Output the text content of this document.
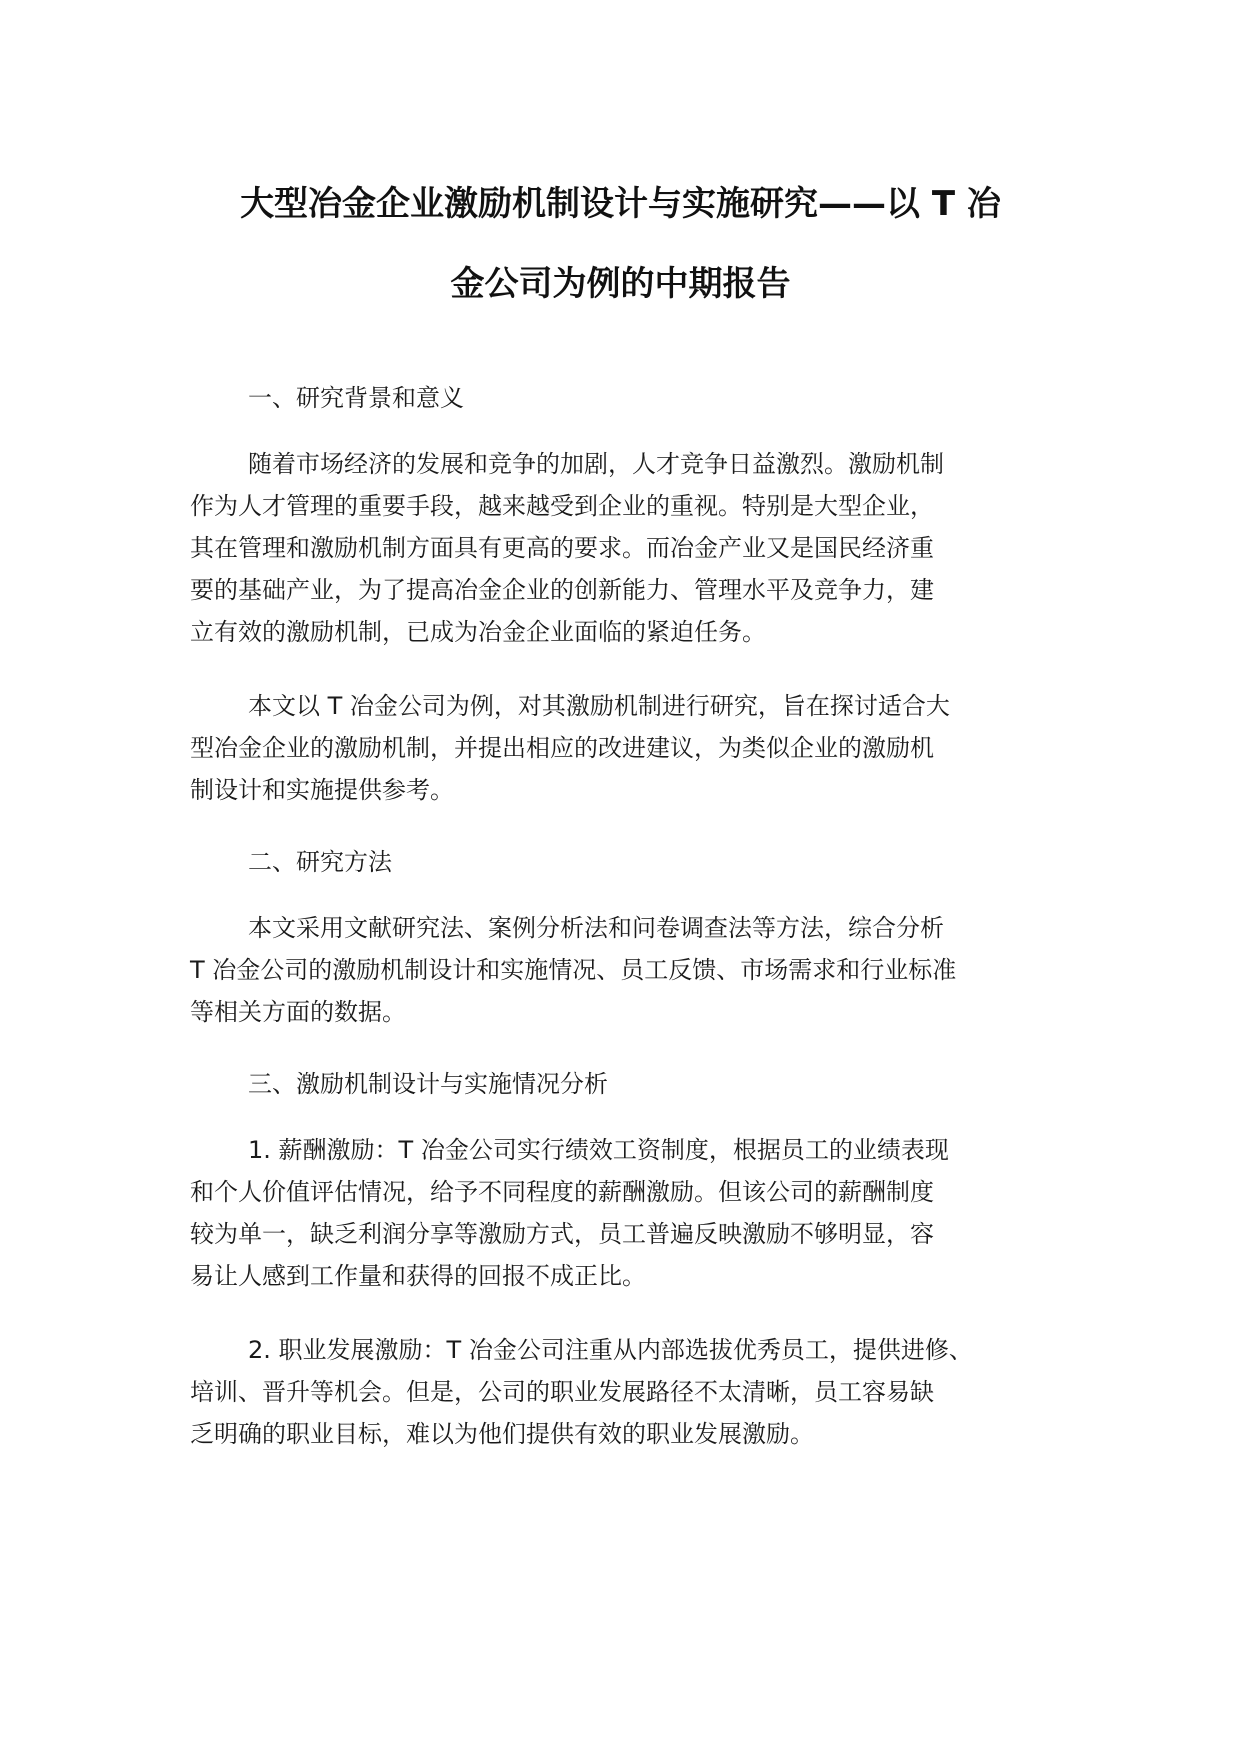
大型冶金企业激励机制设计与实施研究——以 T 冶
金公司为例的中期报告
一、研究背景和意义
随着市场经济的发展和竞争的加剧，人才竞争日益激烈。激励机制
作为人才管理的重要手段，越来越受到企业的重视。特别是大型企业，
其在管理和激励机制方面具有更高的要求。而冶金产业又是国民经济重
要的基础产业，为了提高冶金企业的创新能力、管理水平及竞争力，建
立有效的激励机制，已成为冶金企业面临的紧迫任务。
本文以 T 冶金公司为例，对其激励机制进行研究，旨在探讨适合大
型冶金企业的激励机制，并提出相应的改进建议，为类似企业的激励机
制设计和实施提供参考。
二、研究方法
本文采用文献研究法、案例分析法和问卷调查法等方法，综合分析
T 冶金公司的激励机制设计和实施情况、员工反馈、市场需求和行业标准
等相关方面的数据。
三、激励机制设计与实施情况分析
1. 薪酬激励：T 冶金公司实行绩效工资制度，根据员工的业绩表现
和个人价值评估情况，给予不同程度的薪酬激励。但该公司的薪酬制度
较为单一，缺乏利润分享等激励方式，员工普遍反映激励不够明显，容
易让人感到工作量和获得的回报不成正比。
2. 职业发展激励：T 冶金公司注重从内部选拔优秀员工，提供进修、
培训、晋升等机会。但是，公司的职业发展路径不太清晰，员工容易缺
乏明确的职业目标，难以为他们提供有效的职业发展激励。
